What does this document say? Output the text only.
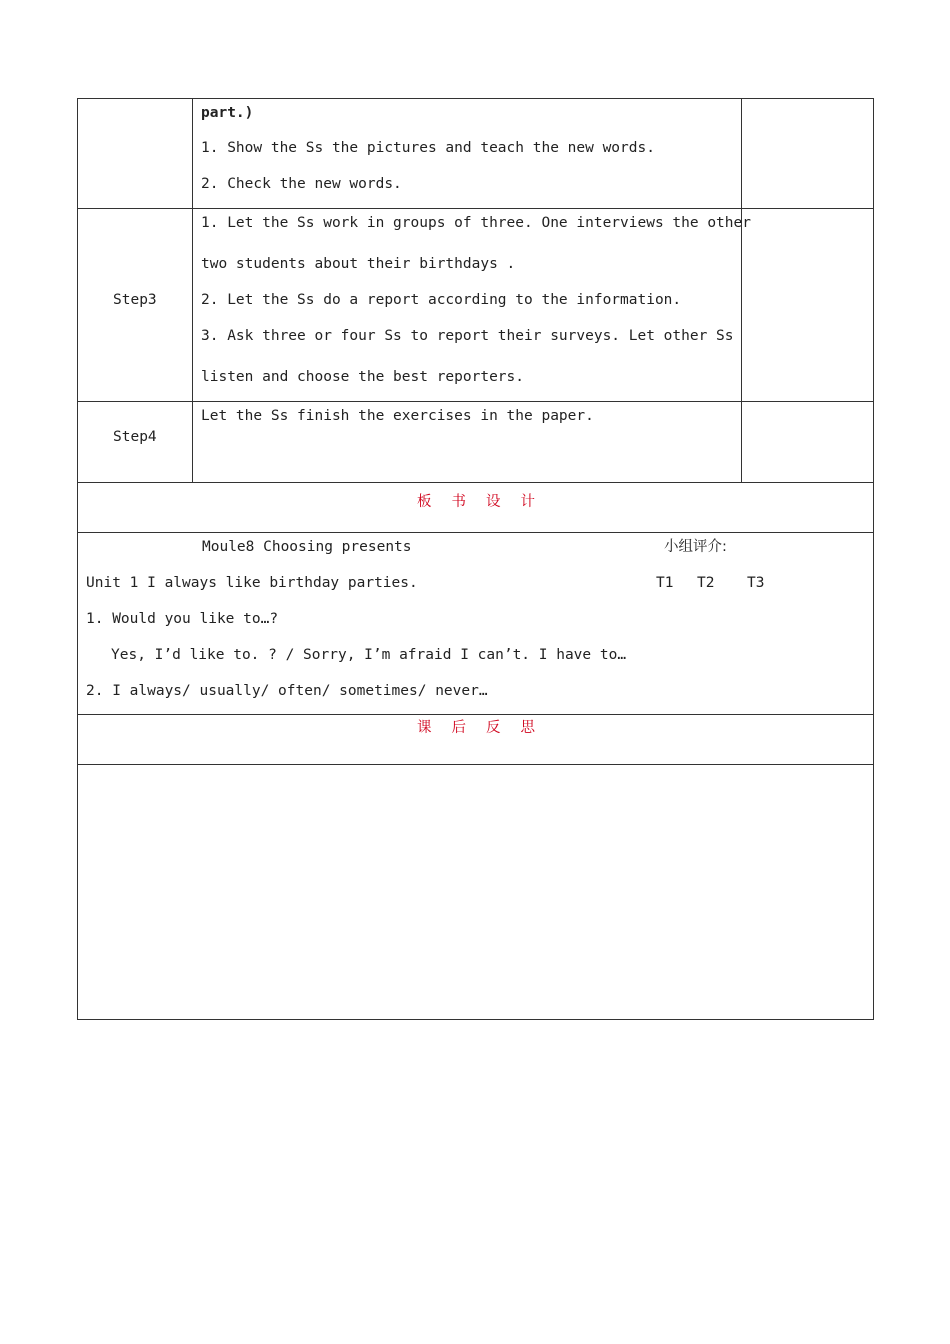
part.)
1. Show the Ss the pictures and teach the new words.
2. Check the new words.
Step3
1. Let the Ss work in groups of three. One interviews the other
two students about their birthdays .
2. Let the Ss do a report according to the information.
3. Ask three or four Ss to report their surveys. Let other Ss
listen and choose the best reporters.
Step4
Let the Ss finish the exercises in the paper.
板书设计
Moule8 Choosing presents	小组评介:
Unit 1 I always like birthday parties.	T1 T2 T3
1. Would you like to…?
Yes, I’d like to. ? / Sorry, I’m afraid I can’t. I have to…
2. I always/ usually/ often/ sometimes/ never…
课后反思
